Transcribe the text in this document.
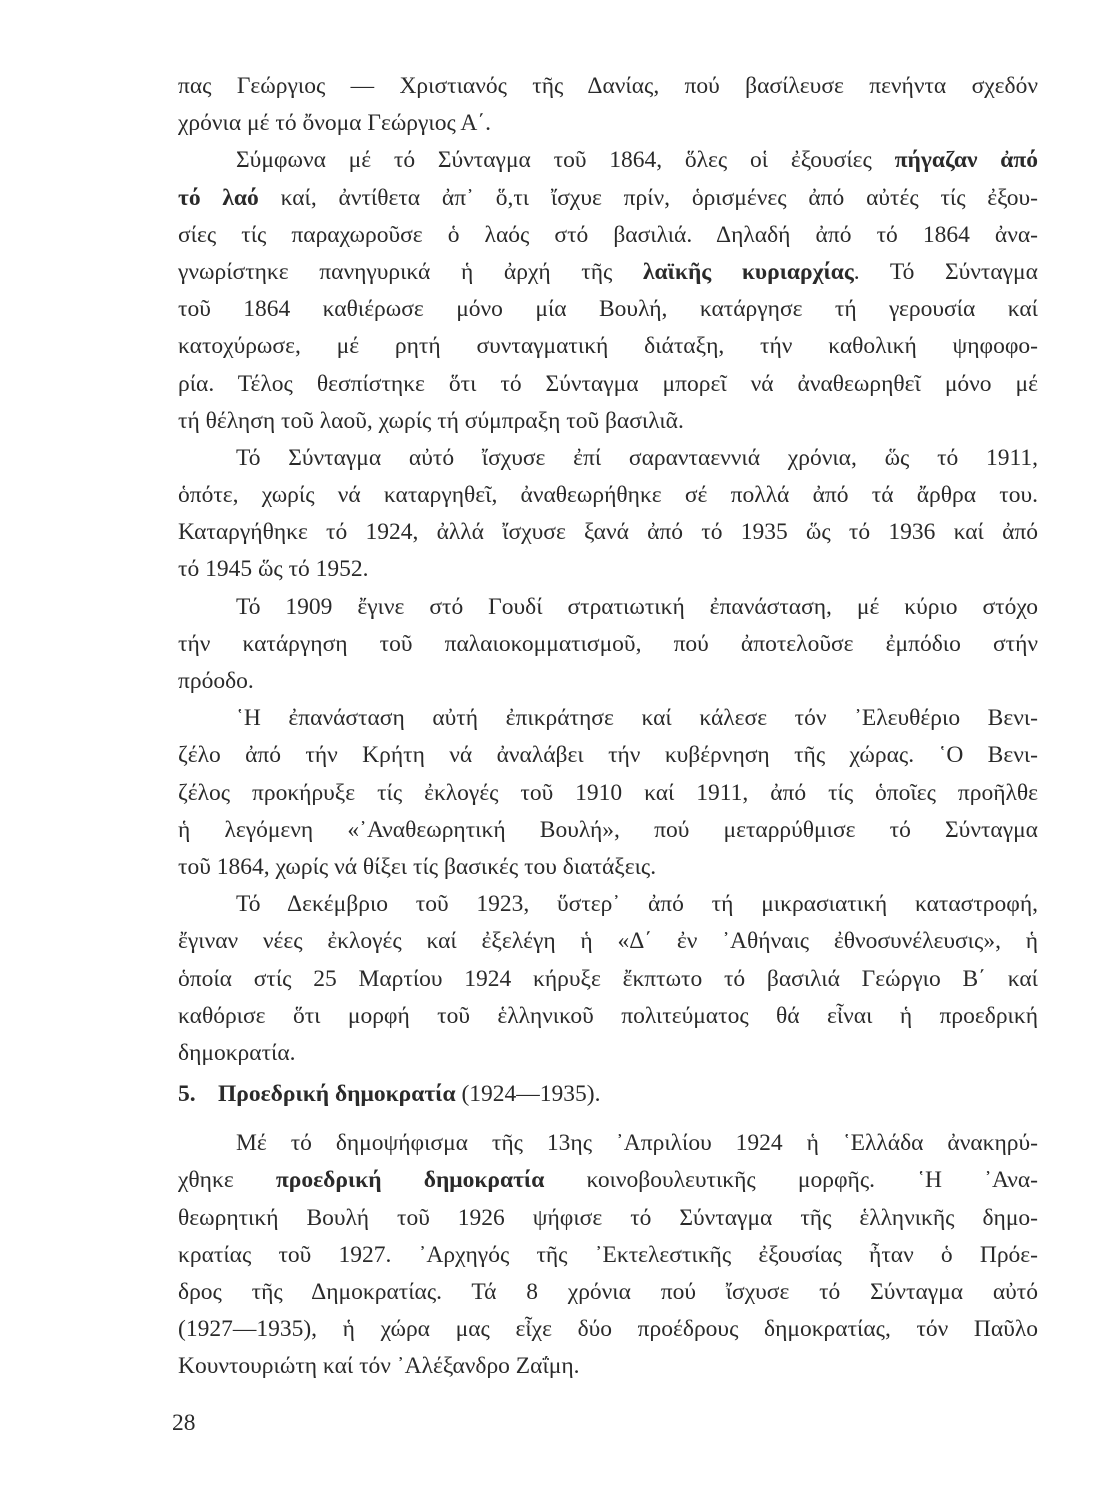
πας Γεώργιος — Χριστιανός τῆς Δανίας, πού βασίλευσε πενήντα σχεδόν
χρόνια μέ τό ὄνομα Γεώργιος Α΄.
Σύμφωνα μέ τό Σύνταγμα τοῦ 1864, ὅλες οἱ ἐξουσίες πήγαζαν ἀπό
τό λαό καί, ἀντίθετα ἀπ᾽ ὅ,τι ἴσχυε πρίν, ὁρισμένες ἀπό αὐτές τίς ἐξου-
σίες τίς παραχωροῦσε ὁ λαός στό βασιλιά. Δηλαδή ἀπό τό 1864 ἀνα-
γνωρίστηκε πανηγυρικά ἡ ἀρχή τῆς λαϊκῆς κυριαρχίας. Τό Σύνταγμα
τοῦ 1864 καθιέρωσε μόνο μία Βουλή, κατάργησε τή γερουσία καί
κατοχύρωσε, μέ ρητή συνταγματική διάταξη, τήν καθολική ψηφοφο-
ρία. Τέλος θεσπίστηκε ὅτι τό Σύνταγμα μπορεῖ νά ἀναθεωρηθεῖ μόνο μέ
τή θέληση τοῦ λαοῦ, χωρίς τή σύμπραξη τοῦ βασιλιᾶ.
Τό Σύνταγμα αὐτό ἴσχυσε ἐπί σαρανταεννιά χρόνια, ὥς τό 1911,
ὁπότε, χωρίς νά καταργηθεῖ, ἀναθεωρήθηκε σέ πολλά ἀπό τά ἄρθρα του.
Καταργήθηκε τό 1924, ἀλλά ἴσχυσε ξανά ἀπό τό 1935 ὥς τό 1936 καί ἀπό
τό 1945 ὥς τό 1952.
Τό 1909 ἔγινε στό Γουδί στρατιωτική ἐπανάσταση, μέ κύριο στόχο
τήν κατάργηση τοῦ παλαιοκομματισμοῦ, πού ἀποτελοῦσε ἐμπόδιο στήν
πρόοδο.
῾Η ἐπανάσταση αὐτή ἐπικράτησε καί κάλεσε τόν ᾿Ελευθέριο Βενι-
ζέλο ἀπό τήν Κρήτη νά ἀναλάβει τήν κυβέρνηση τῆς χώρας. ῾Ο Βενι-
ζέλος προκήρυξε τίς ἐκλογές τοῦ 1910 καί 1911, ἀπό τίς ὁποῖες προῆλθε
ἡ λεγόμενη «᾿Αναθεωρητική Βουλή», πού μεταρρύθμισε τό Σύνταγμα
τοῦ 1864, χωρίς νά θίξει τίς βασικές του διατάξεις.
Τό Δεκέμβριο τοῦ 1923, ὕστερ᾽ ἀπό τή μικρασιατική καταστροφή,
ἔγιναν νέες ἐκλογές καί ἐξελέγη ἡ «Δ΄ ἐν ᾿Αθήναις ἐθνοσυνέλευσις», ἡ
ὁποία στίς 25 Μαρτίου 1924 κήρυξε ἔκπτωτο τό βασιλιά Γεώργιο Β΄ καί
καθόρισε ὅτι μορφή τοῦ ἑλληνικοῦ πολιτεύματος θά εἶναι ἡ προεδρική
δημοκρατία.
5. Προεδρική δημοκρατία (1924—1935).
Μέ τό δημοψήφισμα τῆς 13ης ᾿Απριλίου 1924 ἡ ῾Ελλάδα ἀνακηρύ-
χθηκε προεδρική δημοκρατία κοινοβουλευτικῆς μορφῆς. ῾Η ᾿Ανα-
θεωρητική Βουλή τοῦ 1926 ψήφισε τό Σύνταγμα τῆς ἑλληνικῆς δημο-
κρατίας τοῦ 1927. ᾿Αρχηγός τῆς ᾿Εκτελεστικῆς ἐξουσίας ἦταν ὁ Πρόε-
δρος τῆς Δημοκρατίας. Τά 8 χρόνια πού ἴσχυσε τό Σύνταγμα αὐτό
(1927—1935), ἡ χώρα μας εἶχε δύο προέδρους δημοκρατίας, τόν Παῦλο
Κουντουριώτη καί τόν ᾿Αλέξανδρο Ζαΐμη.
28
